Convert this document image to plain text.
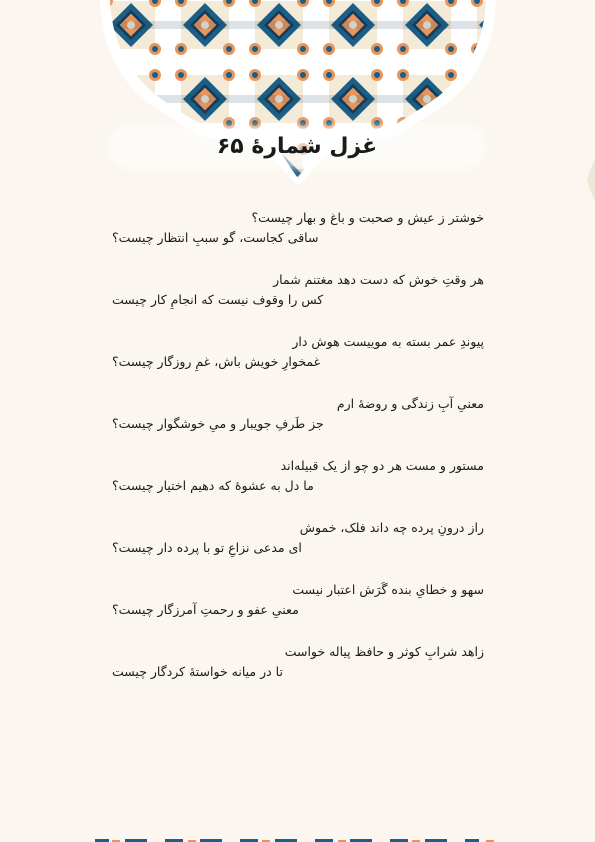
غزل شمارهٔ ۶۵

خوشتر ز عیش و صحبت و باغ و بهار چیست؟

ساقی کجاست، گو سببِ انتظار چیست؟

هر وقتِ خوش که دست دهد مغتنم شمار

کس را وقوف نیست که انجامِ کار چیست

پیوندِ عمر بسته به موییست هوش دار

غمخوارِ خویش باش، غمِ روزگار چیست؟

معنیِ آبِ زندگی و روضهٔ ارم

جز طَرفِ جویبار و میِ خوشگوار چیست؟

مستور و مست هر دو چو از یک قبیله‌اند

ما دل به عشوهٔ که دهیم اختیار چیست؟

راز درونِ پرده چه داند فلک، خموش

ای مدعی نزاعِ تو با پرده دار چیست؟

سهو و خطایِ بنده گَرَش اعتبار نیست

معنیِ عفو و رحمتِ آمرزگار چیست؟

زاهد شرابِ کوثر و حافظ پیاله خواست

تا در میانه خواستهٔ کردگار چیست
